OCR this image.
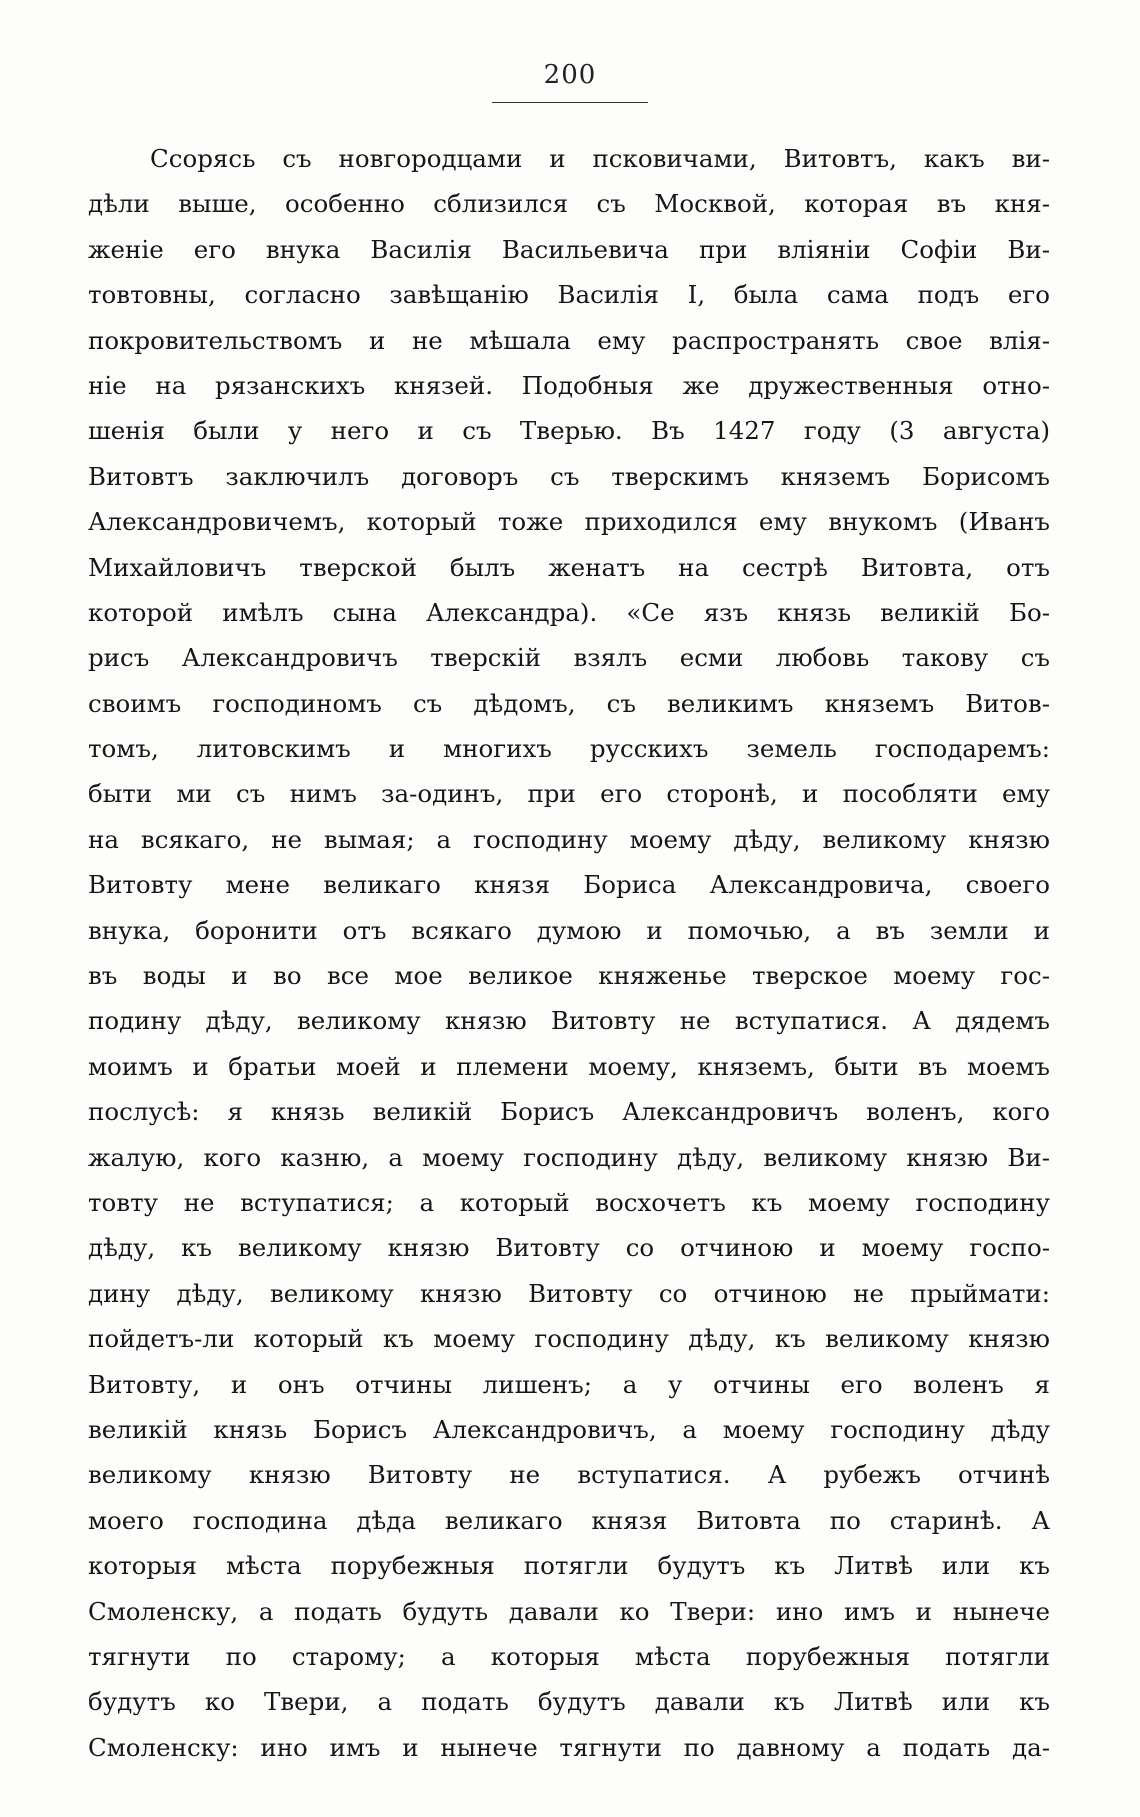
200
Ссорясь съ новгородцами и псковичами, Витовтъ, какъ ви-
дѣли выше, особенно сблизился съ Москвой, которая въ кня-
женіе его внука Василія Васильевича при вліяніи Софіи Ви-
товтовны, согласно завѣщанію Василія I, была сама подъ его
покровительствомъ и не мѣшала ему распространять свое влія-
ніе на рязанскихъ князей. Подобныя же дружественныя отно-
шенія были у него и съ Тверью. Въ 1427 году (3 августа)
Витовтъ заключилъ договоръ съ тверскимъ княземъ Борисомъ
Александровичемъ, который тоже приходился ему внукомъ (Иванъ
Михайловичъ тверской былъ женатъ на сестрѣ Витовта, отъ
которой имѣлъ сына Александра). «Се язъ князь великій Бо-
рисъ Александровичъ тверскій взялъ есми любовь такову съ
своимъ господиномъ съ дѣдомъ, съ великимъ княземъ Витов-
томъ, литовскимъ и многихъ русскихъ земель господаремъ:
быти ми съ нимъ за-одинъ, при его сторонѣ, и пособляти ему
на всякаго, не вымая; а господину моему дѣду, великому князю
Витовту мене великаго князя Бориса Александровича, своего
внука, боронити отъ всякаго думою и помочью, а въ земли и
въ воды и во все мое великое княженье тверское моему гос-
подину дѣду, великому князю Витовту не вступатися. А дядемъ
моимъ и братьи моей и племени моему, княземъ, быти въ моемъ
послусѣ: я князь великій Борисъ Александровичъ воленъ, кого
жалую, кого казню, а моему господину дѣду, великому князю Ви-
товту не вступатися; а который восхочетъ къ моему господину
дѣду, къ великому князю Витовту со отчиною и моему госпо-
дину дѣду, великому князю Витовту со отчиною не прыймати:
пойдетъ-ли который къ моему господину дѣду, къ великому князю
Витовту, и онъ отчины лишенъ; а у отчины его воленъ я
великій князь Борисъ Александровичъ, а моему господину дѣду
великому князю Витовту не вступатися. А рубежъ отчинѣ
моего господина дѣда великаго князя Витовта по старинѣ. А
которыя мѣста порубежныя потягли будутъ къ Литвѣ или къ
Смоленску, а подать будуть давали ко Твери: ино имъ и нынече
тягнути по старому; а которыя мѣста порубежныя потягли
будутъ ко Твери, а подать будутъ давали къ Литвѣ или къ
Смоленску: ино имъ и нынече тягнути по давному а подать да-
